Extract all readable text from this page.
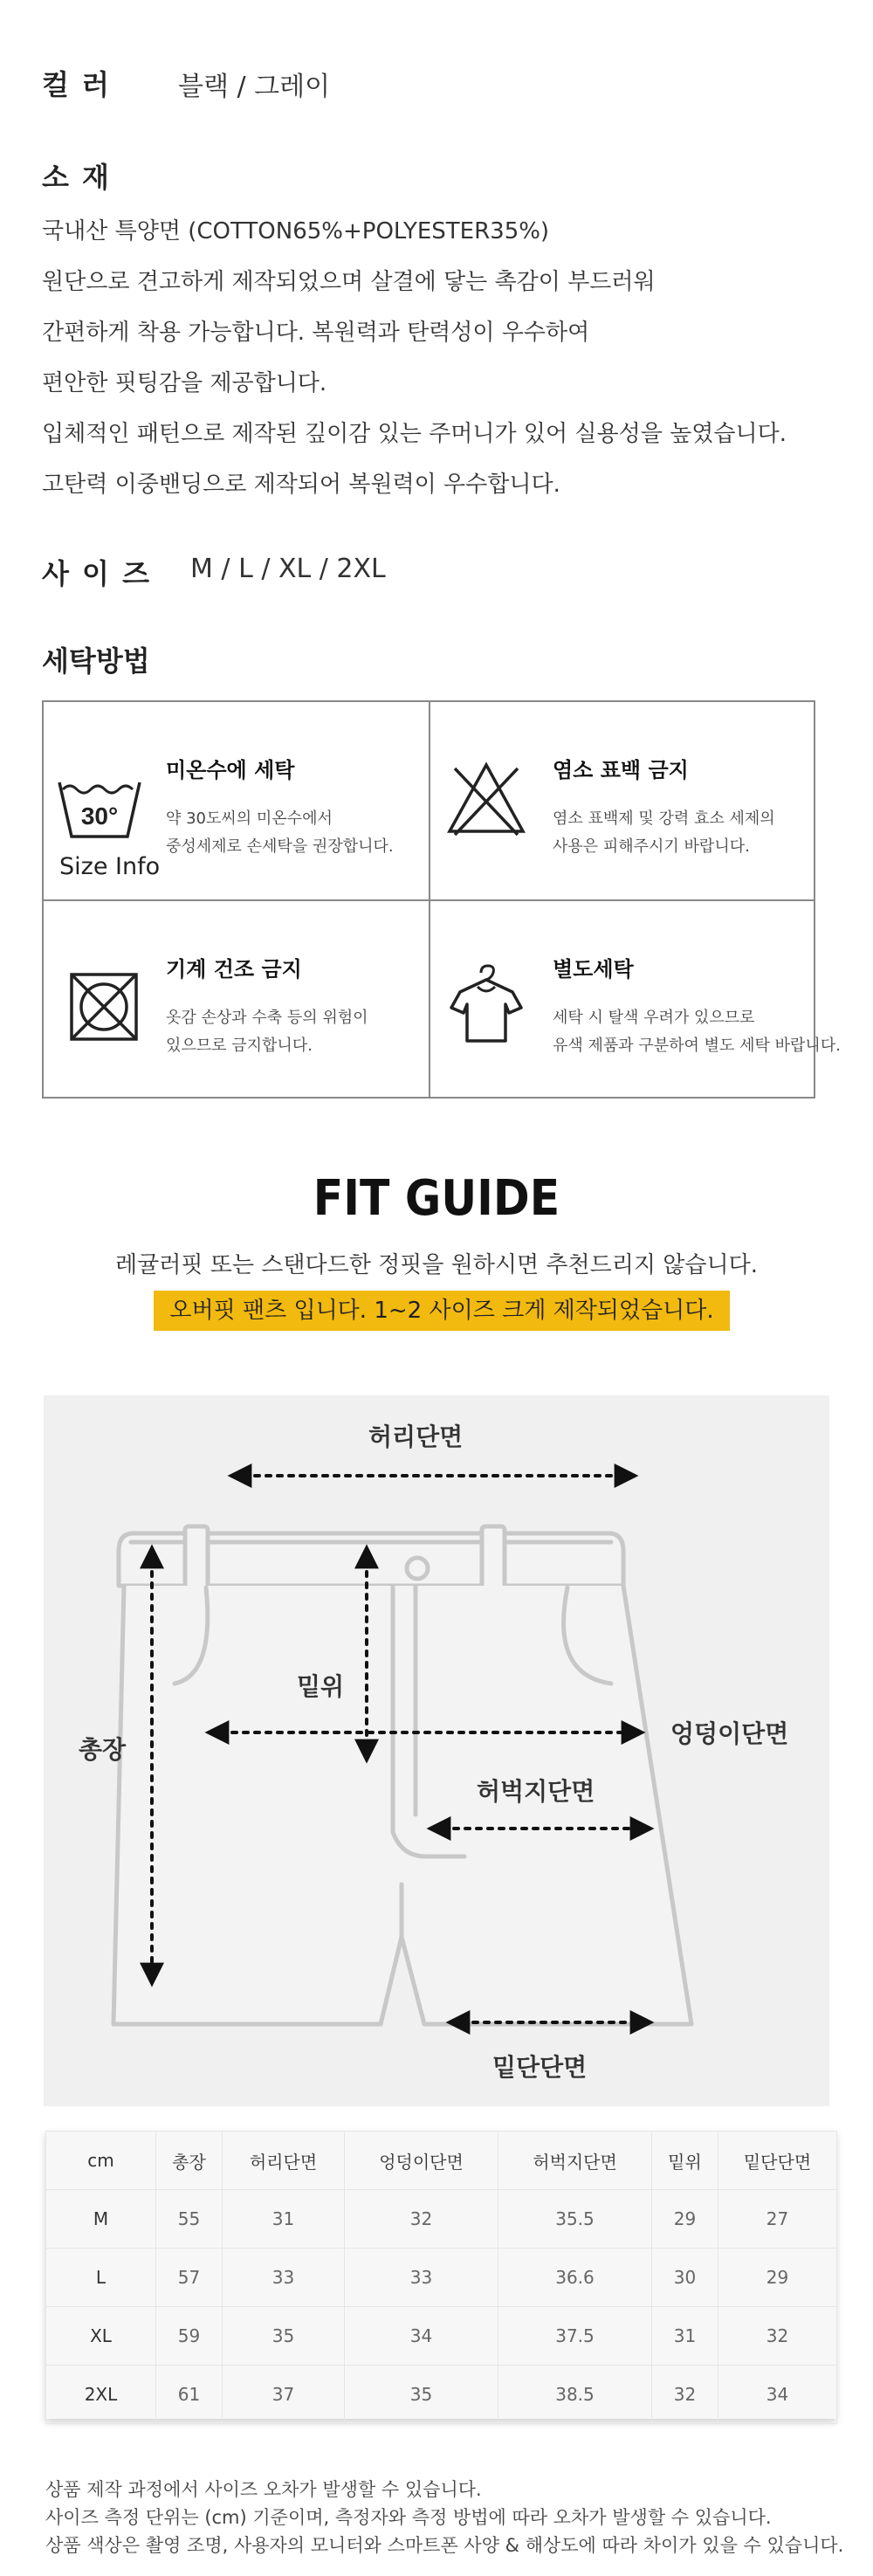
컬 러	블랙 / 그레이
소 재
국내산 특양면 (COTTON65%+POLYESTER35%)
원단으로 견고하게 제작되었으며 살결에 닿는 촉감이 부드러워
간편하게 착용 가능합니다. 복원력과 탄력성이 우수하여
편안한 핏팅감을 제공합니다.
입체적인 패턴으로 제작된 깊이감 있는 주머니가 있어 실용성을 높였습니다.
고탄력 이중밴딩으로 제작되어 복원력이 우수합니다.
사 이 즈 M / L / XL / 2XL
세탁방법
30°
미온수에 세탁
약 30도씨의 미온수에서
중성세제로 손세탁을 권장합니다.
Size Info
염소 표백 금지
염소 표백제 및 강력 효소 세제의
사용은 피해주시기 바랍니다.
기계 건조 금지
옷감 손상과 수축 등의 위험이
있으므로 금지합니다.
별도세탁
세탁 시 탈색 우려가 있으므로
유색 제품과 구분하여 별도 세탁 바랍니다.
FIT GUIDE
레귤러핏 또는 스탠다드한 정핏을 원하시면 추천드리지 않습니다.
오버핏 팬츠 입니다. 1~2 사이즈 크게 제작되었습니다.
허리단면
총장
밑위
엉덩이단면
허벅지단면
밑단단면
cm	총장	허리단면	엉덩이단면	허벅지단면	밑위	밑단단면
M	55	31	32	35.5	29	27
L	57	33	33	36.6	30	29
XL	59	35	34	37.5	31	32
2XL	61	37	35	38.5	32	34
상품 제작 과정에서 사이즈 오차가 발생할 수 있습니다.
사이즈 측정 단위는 (cm) 기준이며, 측정자와 측정 방법에 따라 오차가 발생할 수 있습니다.
상품 색상은 촬영 조명, 사용자의 모니터와 스마트폰 사양 & 해상도에 따라 차이가 있을 수 있습니다.
